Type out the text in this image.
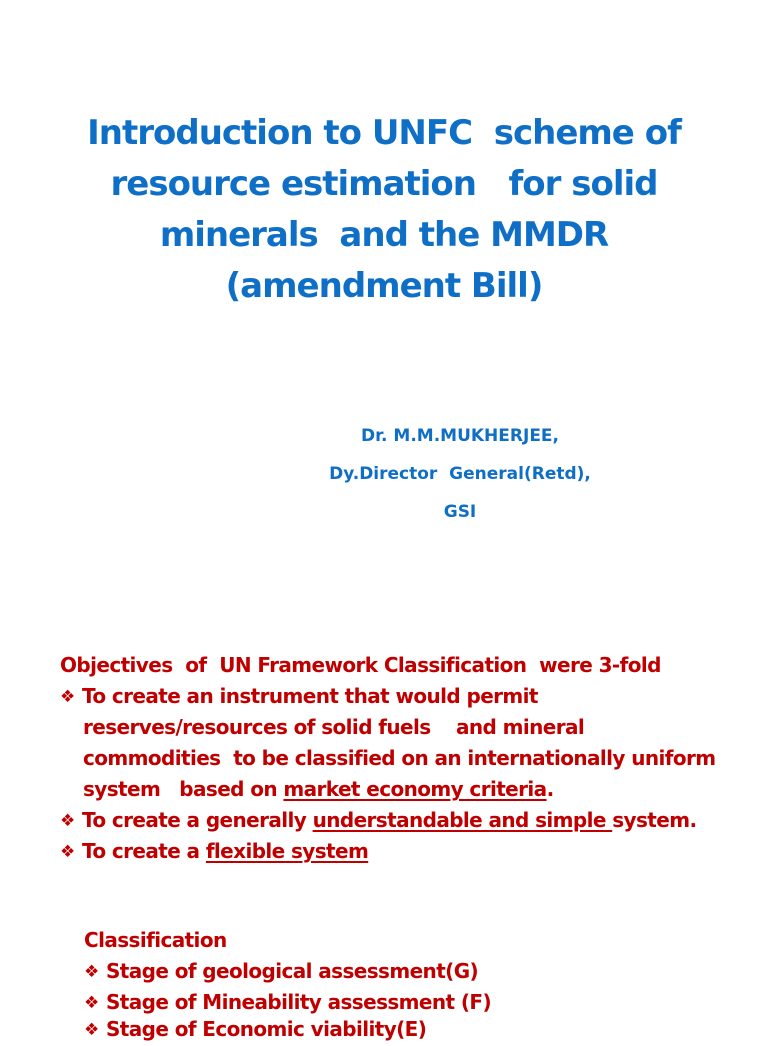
Introduction to UNFC  scheme of
resource estimation   for solid
minerals  and the MMDR
(amendment Bill)
Dr. M.M.MUKHERJEE,
Dy.Director  General(Retd),
GSI
Objectives  of  UN Framework Classification  were 3-fold
❖ To create an instrument that would permit
reserves/resources of solid fuels    and mineral
commodities  to be classified on an internationally uniform
system   based on market economy criteria.
❖ To create a generally understandable and simple system.
❖ To create a flexible system
Classification
❖ Stage of geological assessment(G)
❖ Stage of Mineability assessment (F)
❖ Stage of Economic viability(E)
